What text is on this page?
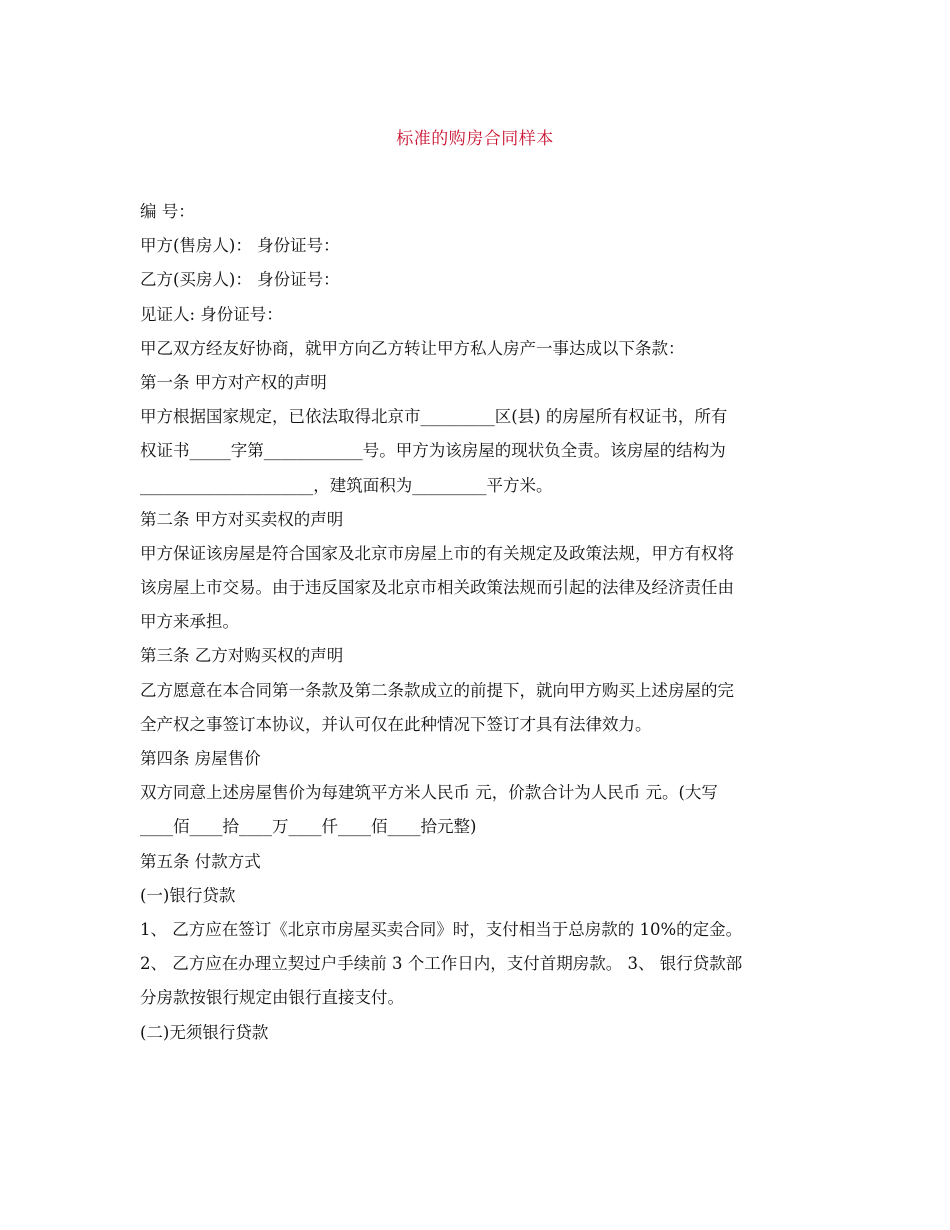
标准的购房合同样本
编 号：
甲方(售房人)： 身份证号：
乙方(买房人)： 身份证号：
见证人: 身份证号：
甲乙双方经友好协商，就甲方向乙方转让甲方私人房产一事达成以下条款：
第一条 甲方对产权的声明
甲方根据国家规定，已依法取得北京市_________区(县) 的房屋所有权证书，所有
权证书_____字第____________号。甲方为该房屋的现状负全责。该房屋的结构为
_____________________，建筑面积为_________平方米。
第二条 甲方对买卖权的声明
甲方保证该房屋是符合国家及北京市房屋上市的有关规定及政策法规，甲方有权将
该房屋上市交易。由于违反国家及北京市相关政策法规而引起的法律及经济责任由
甲方来承担。
第三条 乙方对购买权的声明
乙方愿意在本合同第一条款及第二条款成立的前提下，就向甲方购买上述房屋的完
全产权之事签订本协议，并认可仅在此种情况下签订才具有法律效力。
第四条 房屋售价
双方同意上述房屋售价为每建筑平方米人民币 元，价款合计为人民币 元。(大写
____佰____拾____万____仟____佰____拾元整)
第五条 付款方式
(一)银行贷款
1、 乙方应在签订《北京市房屋买卖合同》时，支付相当于总房款的 10%的定金。
2、 乙方应在办理立契过户手续前 3 个工作日内，支付首期房款。 3、 银行贷款部
分房款按银行规定由银行直接支付。
(二)无须银行贷款
